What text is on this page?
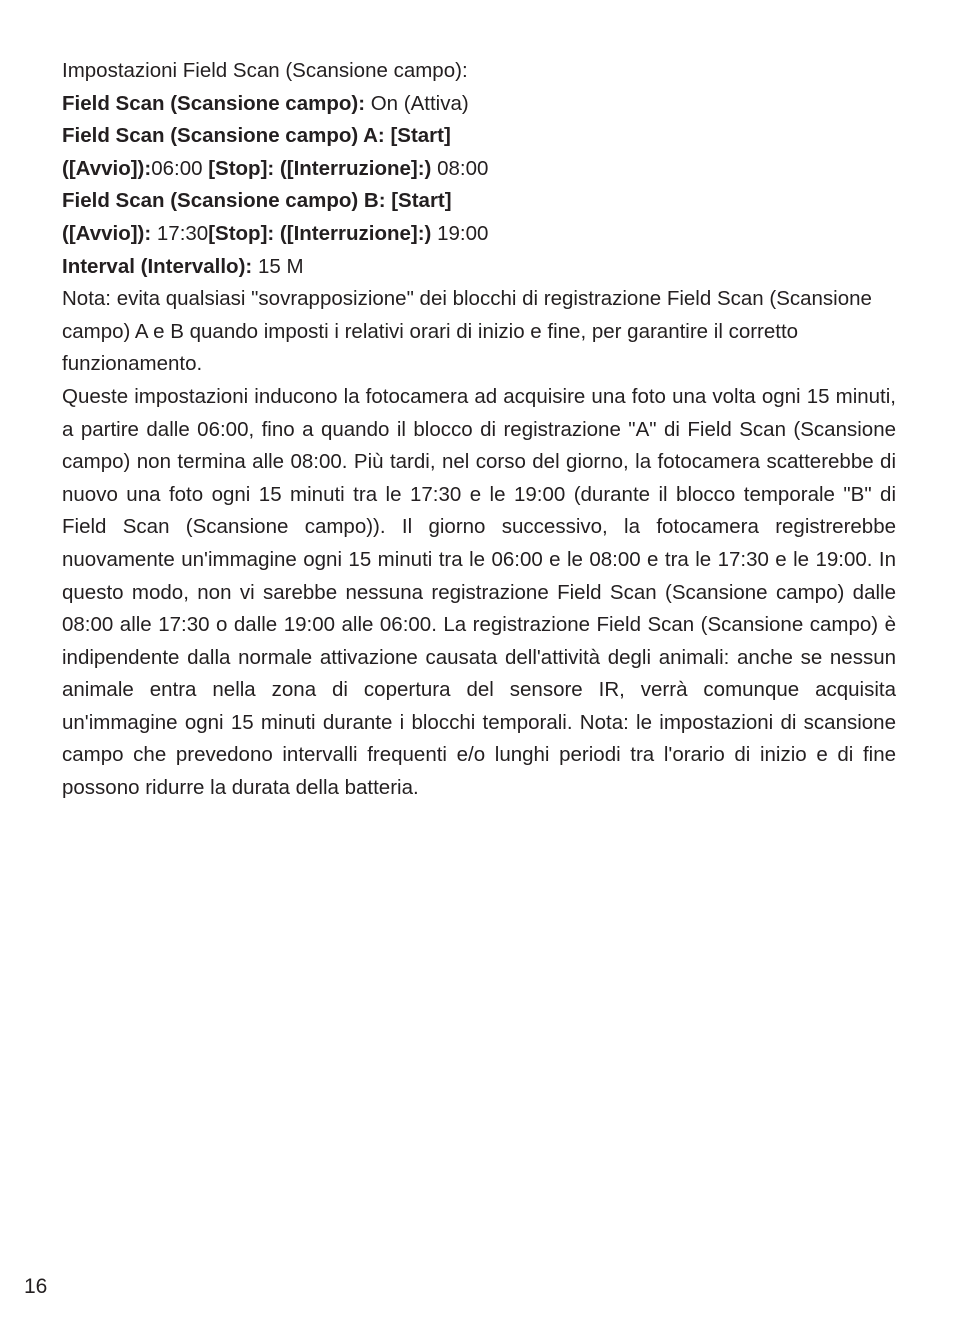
Impostazioni Field Scan (Scansione campo):

Field Scan (Scansione campo): On (Attiva)
Field Scan (Scansione campo) A: [Start] ([Avvio]):06:00 [Stop]: ([Interruzione]:) 08:00 Field Scan (Scansione campo) B: [Start] ([Avvio]): 17:30[Stop]: ([Interruzione]:) 19:00 Interval (Intervallo): 15 M

Nota: evita qualsiasi "sovrapposizione" dei blocchi di registrazione Field Scan (Scansione campo) A e B quando imposti i relativi orari di inizio e fine, per garantire il corretto funzionamento.

Queste impostazioni inducono la fotocamera ad acquisire una foto una volta ogni 15 minuti, a partire dalle 06:00, fino a quando il blocco di registrazione "A" di Field Scan (Scansione campo) non termina alle 08:00. Più tardi, nel corso del giorno, la fotocamera scatterebbe di nuovo una foto ogni 15 minuti tra le 17:30 e le 19:00 (durante il blocco temporale "B" di Field Scan (Scansione campo)). Il giorno successivo, la fotocamera registrerebbe nuovamente un'immagine ogni 15 minuti tra le 06:00 e le 08:00 e tra le 17:30 e le 19:00. In questo modo, non vi sarebbe nessuna registrazione Field Scan (Scansione campo) dalle 08:00 alle 17:30 o dalle 19:00 alle 06:00. La registrazione Field Scan (Scansione campo) è indipendente dalla normale attivazione causata dell'attività degli animali: anche se nessun animale entra nella zona di copertura del sensore IR, verrà comunque acquisita un'immagine ogni 15 minuti durante i blocchi temporali. Nota: le impostazioni di scansione campo che prevedono intervalli frequenti e/o lunghi periodi tra l'orario di inizio e di fine possono ridurre la durata della batteria.

16
